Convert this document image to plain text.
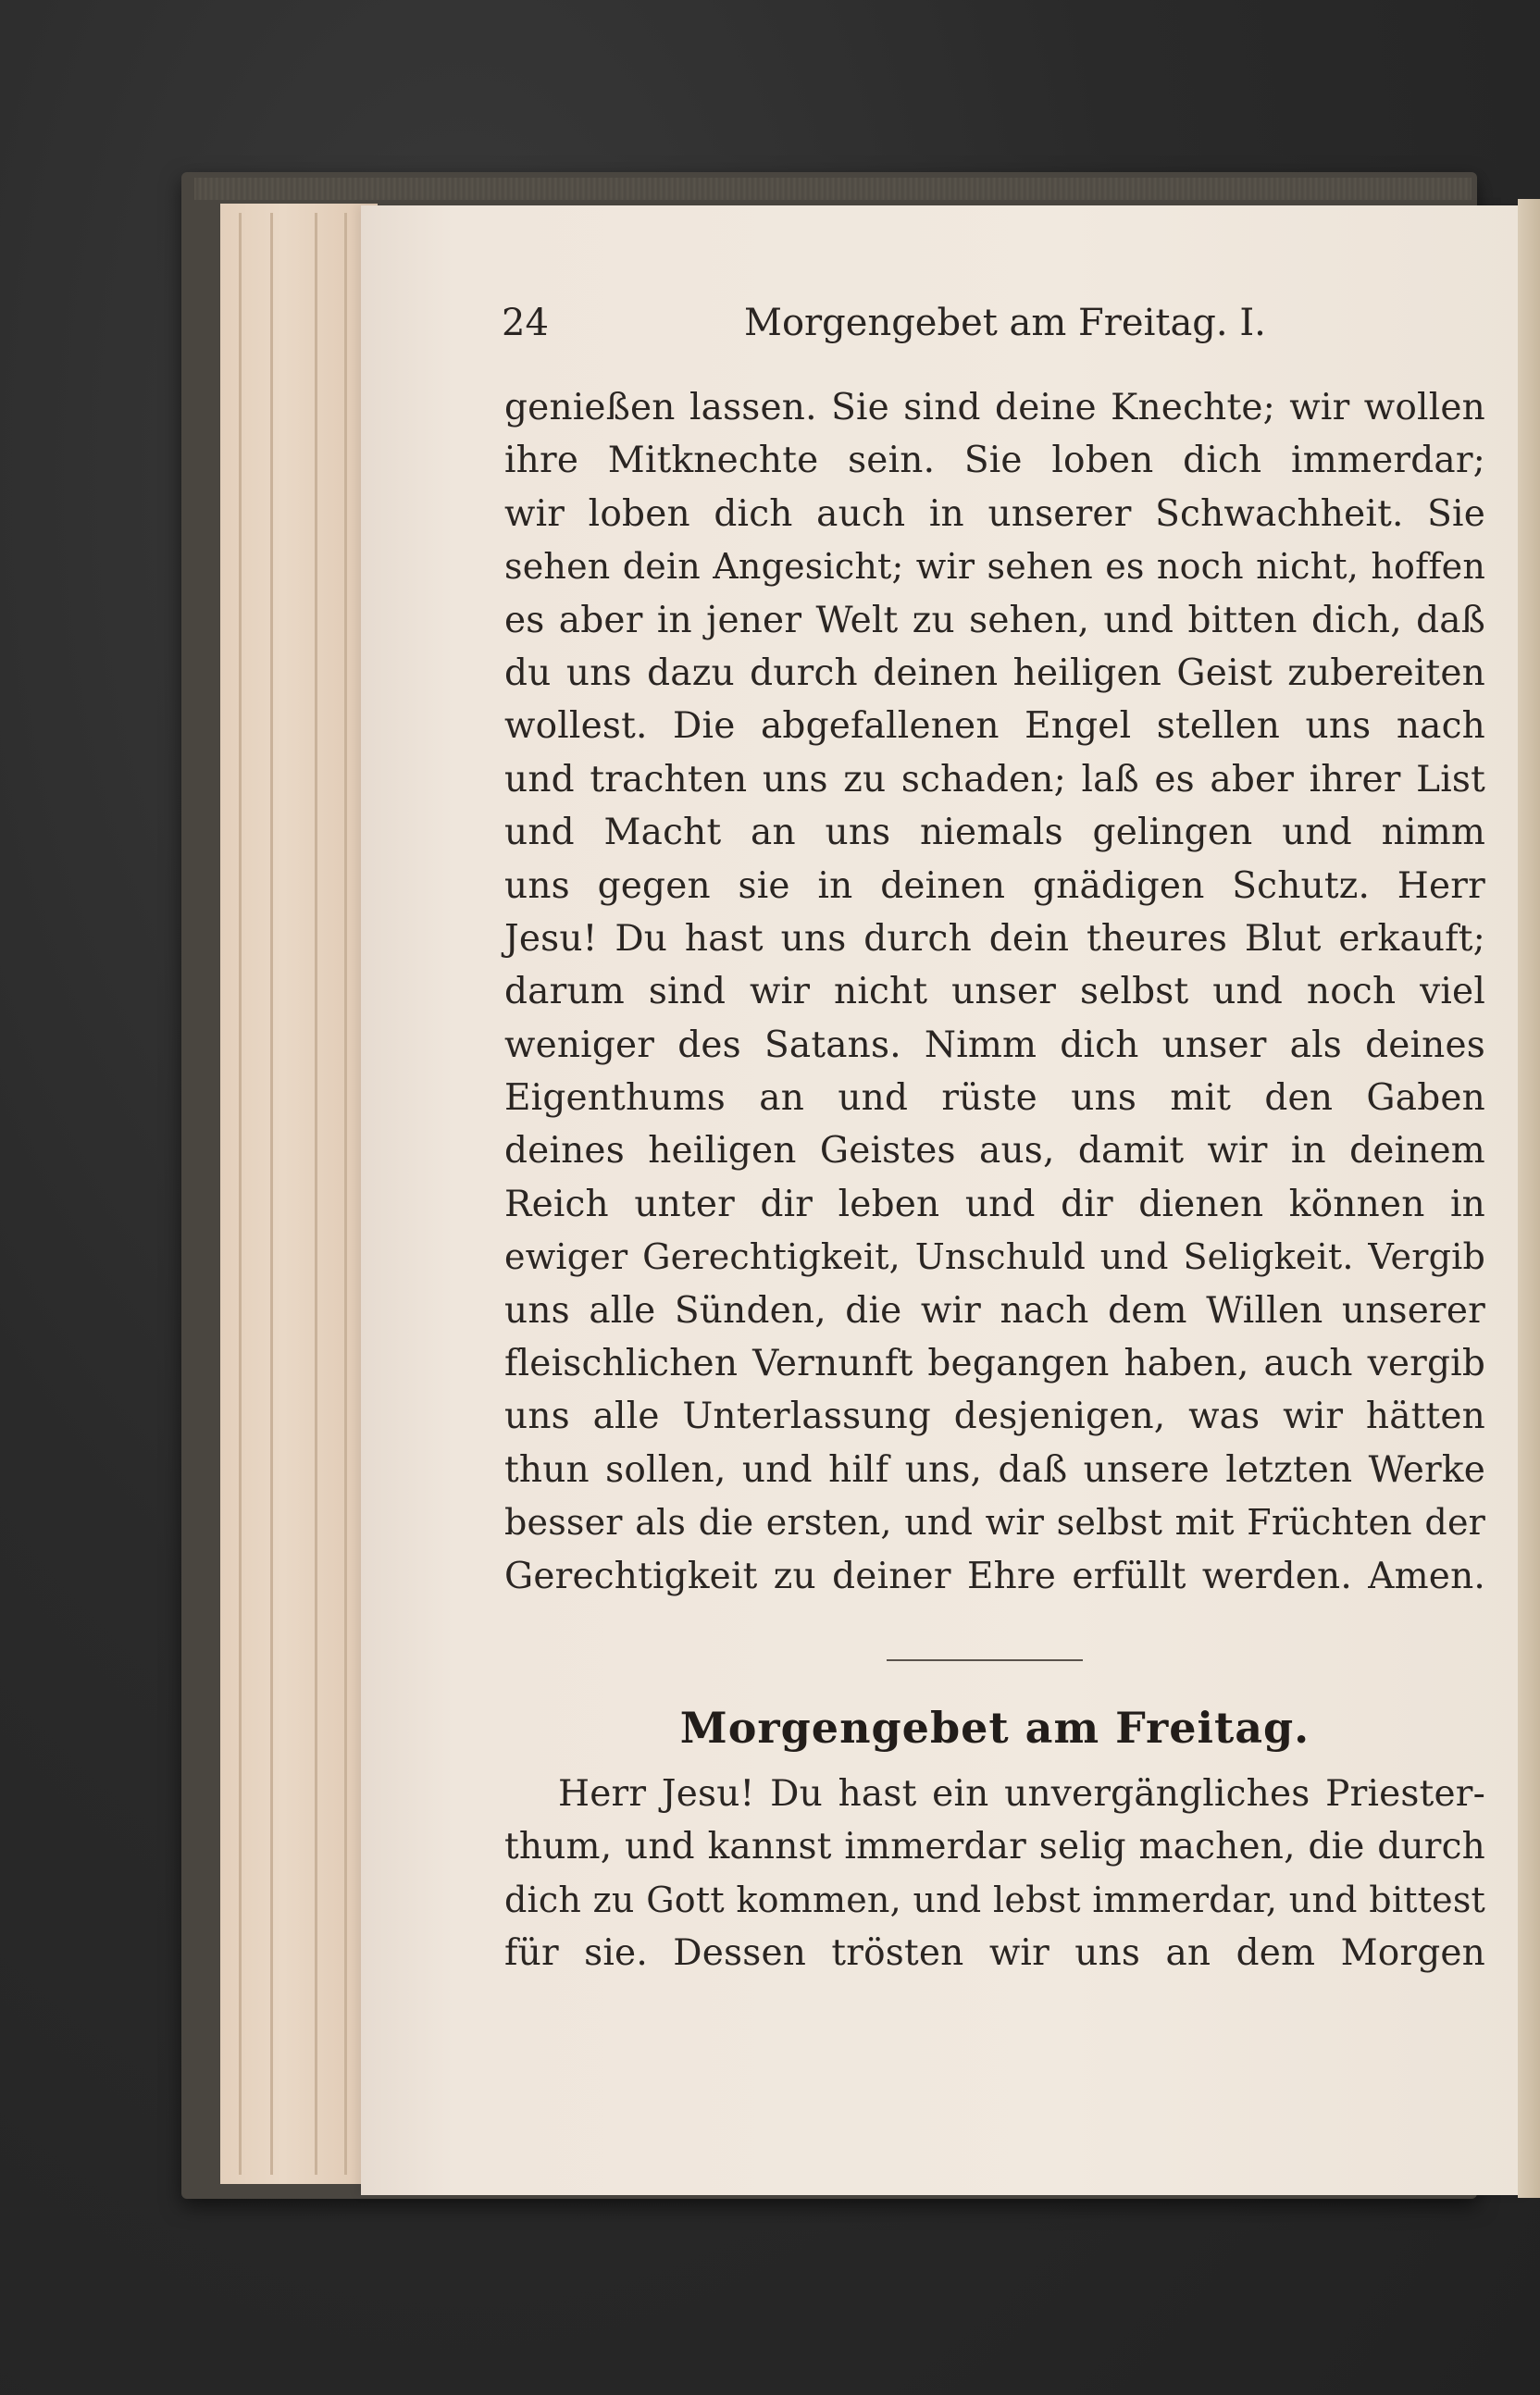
24	Morgengebet am Freitag. I.
genießen lassen. Sie sind deine Knechte; wir wollen
ihre Mitknechte sein. Sie loben dich immerdar;
wir loben dich auch in unserer Schwachheit. Sie
sehen dein Angesicht; wir sehen es noch nicht, hoffen
es aber in jener Welt zu sehen, und bitten dich, daß
du uns dazu durch deinen heiligen Geist zubereiten
wollest. Die abgefallenen Engel stellen uns nach
und trachten uns zu schaden; laß es aber ihrer List
und Macht an uns niemals gelingen und nimm
uns gegen sie in deinen gnädigen Schutz. Herr
Jesu! Du hast uns durch dein theures Blut erkauft;
darum sind wir nicht unser selbst und noch viel
weniger des Satans. Nimm dich unser als deines
Eigenthums an und rüste uns mit den Gaben
deines heiligen Geistes aus, damit wir in deinem
Reich unter dir leben und dir dienen können in
ewiger Gerechtigkeit, Unschuld und Seligkeit. Vergib
uns alle Sünden, die wir nach dem Willen unserer
fleischlichen Vernunft begangen haben, auch vergib
uns alle Unterlassung desjenigen, was wir hätten
thun sollen, und hilf uns, daß unsere letzten Werke
besser als die ersten, und wir selbst mit Früchten der
Gerechtigkeit zu deiner Ehre erfüllt werden. Amen.
Morgengebet am Freitag.
Herr Jesu! Du hast ein unvergängliches Priester-
thum, und kannst immerdar selig machen, die durch
dich zu Gott kommen, und lebst immerdar, und bittest
für sie. Dessen trösten wir uns an dem Morgen
